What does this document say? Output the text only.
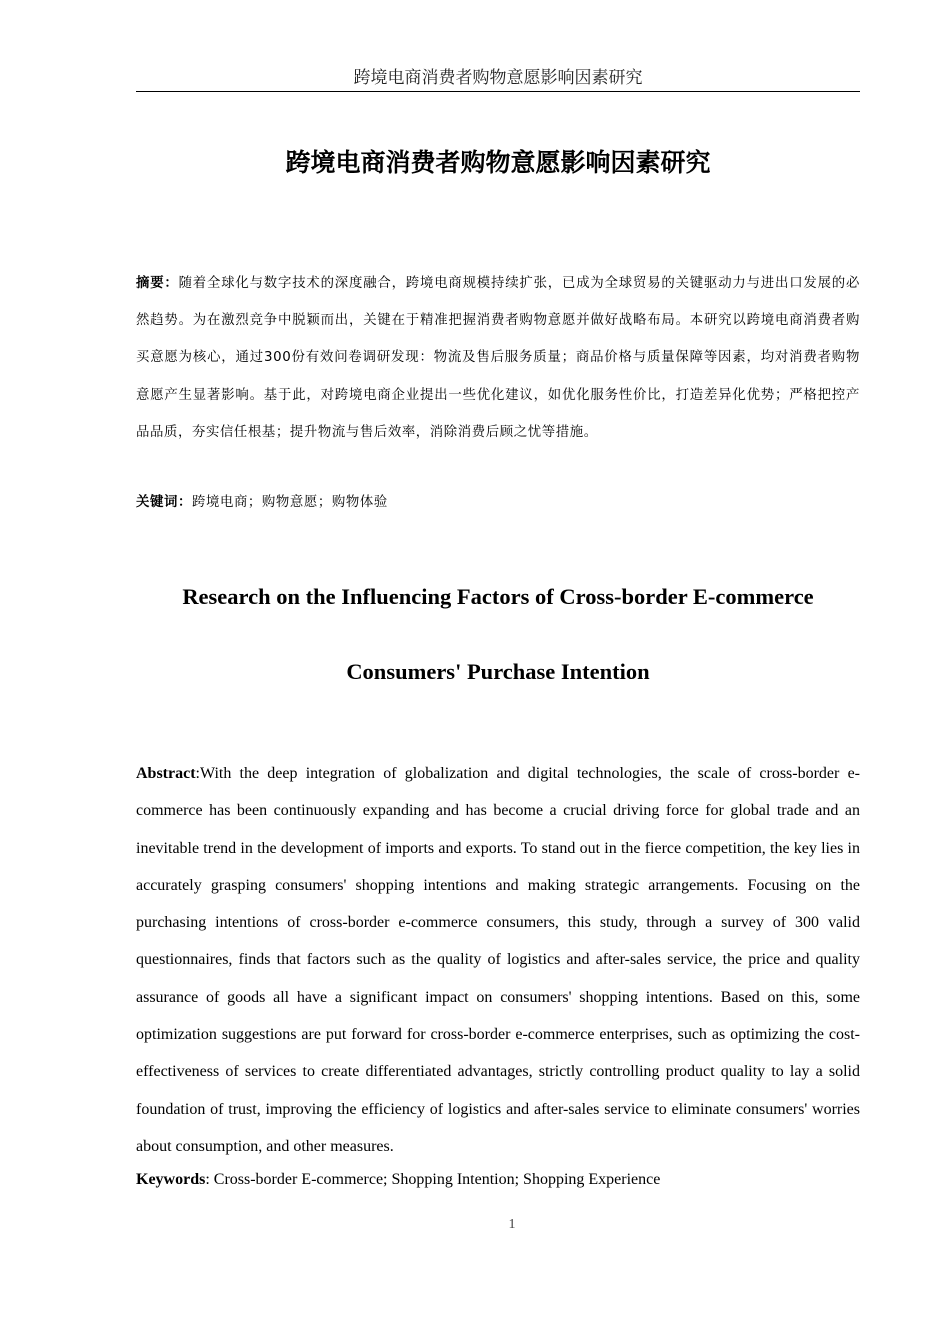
跨境电商消费者购物意愿影响因素研究
跨境电商消费者购物意愿影响因素研究

摘要：随着全球化与数字技术的深度融合，跨境电商规模持续扩张，已成为全球贸易的关键驱动力与进出口发展的必然趋势。为在激烈竞争中脱颖而出，关键在于精准把握消费者购物意愿并做好战略布局。本研究以跨境电商消费者购买意愿为核心，通过300份有效问卷调研发现：物流及售后服务质量；商品价格与质量保障等因素，均对消费者购物意愿产生显著影响。基于此，对跨境电商企业提出一些优化建议，如优化服务性价比，打造差异化优势；严格把控产品品质，夯实信任根基；提升物流与售后效率，消除消费后顾之忧等措施。

关键词：跨境电商；购物意愿；购物体验

Research on the Influencing Factors of Cross-border E-commerce
Consumers' Purchase Intention

Abstract:With the deep integration of globalization and digital technologies, the scale of cross-border e-commerce has been continuously expanding and has become a crucial driving force for global trade and an inevitable trend in the development of imports and exports. To stand out in the fierce competition, the key lies in accurately grasping consumers' shopping intentions and making strategic arrangements. Focusing on the purchasing intentions of cross-border e-commerce consumers, this study, through a survey of 300 valid questionnaires, finds that factors such as the quality of logistics and after-sales service, the price and quality assurance of goods all have a significant impact on consumers' shopping intentions. Based on this, some optimization suggestions are put forward for cross-border e-commerce enterprises, such as optimizing the cost-effectiveness of services to create differentiated advantages, strictly controlling product quality to lay a solid foundation of trust, improving the efficiency of logistics and after-sales service to eliminate consumers' worries about consumption, and other measures.

Keywords: Cross-border E-commerce; Shopping Intention; Shopping Experience

1
